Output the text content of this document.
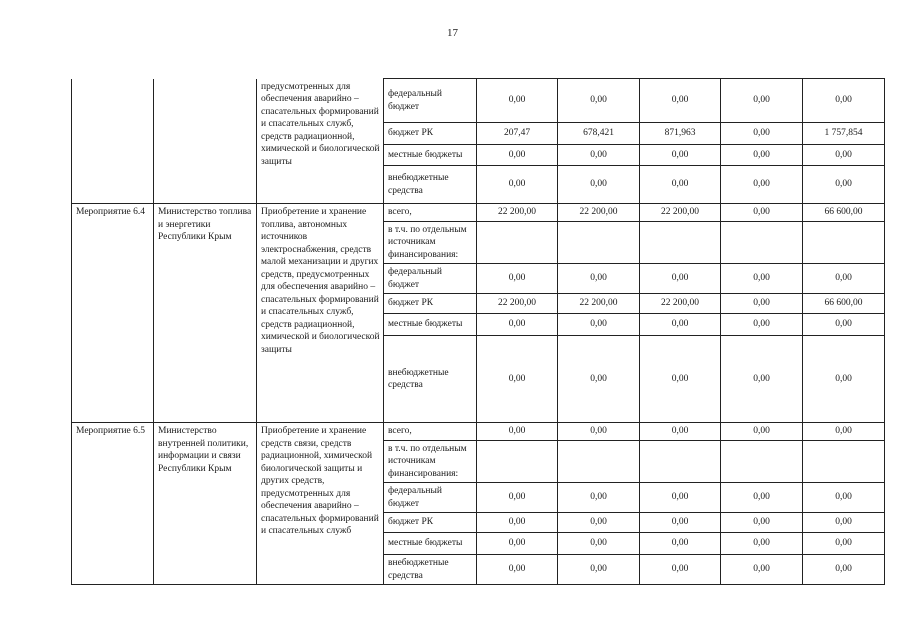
17
		предусмотренных для обеспечения аварийно – спасательных формирований и спасательных служб, средств радиационной, химической и биологической защиты	федеральный бюджет	0,00	0,00	0,00	0,00	0,00
			бюджет РК	207,47	678,421	871,963	0,00	1 757,854
			местные бюджеты	0,00	0,00	0,00	0,00	0,00
			внебюджетные средства	0,00	0,00	0,00	0,00	0,00
Мероприятие 6.4	Министерство топлива и энергетики Республики Крым	Приобретение и хранение топлива, автономных источников электроснабжения, средств малой механизации и других средств, предусмотренных для обеспечения аварийно – спасательных формирований и спасательных служб, средств радиационной, химической и биологической защиты	всего,	22 200,00	22 200,00	22 200,00	0,00	66 600,00
			в т.ч. по отдельным источникам финансирования:					
			федеральный бюджет	0,00	0,00	0,00	0,00	0,00
			бюджет РК	22 200,00	22 200,00	22 200,00	0,00	66 600,00
			местные бюджеты	0,00	0,00	0,00	0,00	0,00
			внебюджетные средства	0,00	0,00	0,00	0,00	0,00
Мероприятие 6.5	Министерство внутренней политики, информации и связи Республики Крым	Приобретение и хранение средств связи, средств радиационной, химической биологической защиты и других средств, предусмотренных для обеспечения аварийно – спасательных формирований и спасательных служб	всего,	0,00	0,00	0,00	0,00	0,00
			в т.ч. по отдельным источникам финансирования:					
			федеральный бюджет	0,00	0,00	0,00	0,00	0,00
			бюджет РК	0,00	0,00	0,00	0,00	0,00
			местные бюджеты	0,00	0,00	0,00	0,00	0,00
			внебюджетные средства	0,00	0,00	0,00	0,00	0,00
